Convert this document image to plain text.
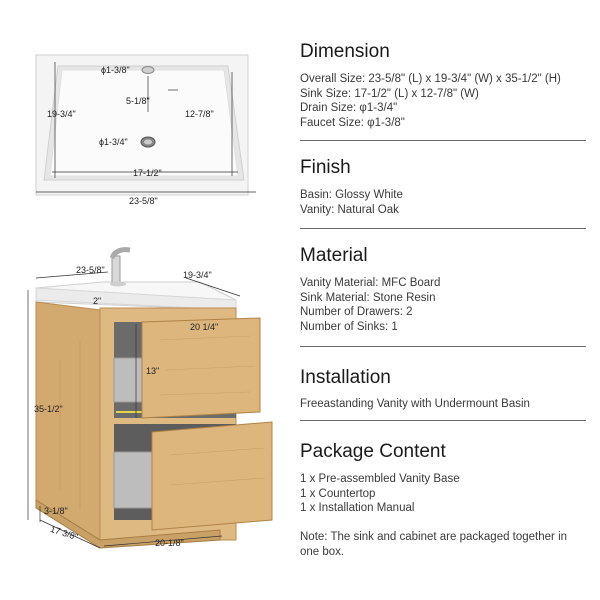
ϕ1-3/8"
5-1/8"
ϕ1-3/4"
19-3/4"	12-7/8"
17-1/2"
23-5/8"
23-5/8"	19-3/4"
2"
20 1/4"
13"
35-1/2"
3-1/8"
17 3/8"
20-1/8"
Dimension
Overall Size: 23-5/8" (L) x 19-3/4" (W) x 35-1/2" (H)
Sink Size: 17-1/2" (L) x 12-7/8" (W)
Drain Size: φ1-3/4"
Faucet Size: φ1-3/8"
Finish
Basin: Glossy White
Vanity: Natural Oak
Material
Vanity Material: MFC Board
Sink Material: Stone Resin
Number of Drawers: 2
Number of Sinks: 1
Installation
Freeastanding Vanity with Undermount Basin
Package Content
1 x Pre-assembled Vanity Base
1 x Countertop
1 x Installation Manual
Note: The sink and cabinet are packaged together in
one box.
